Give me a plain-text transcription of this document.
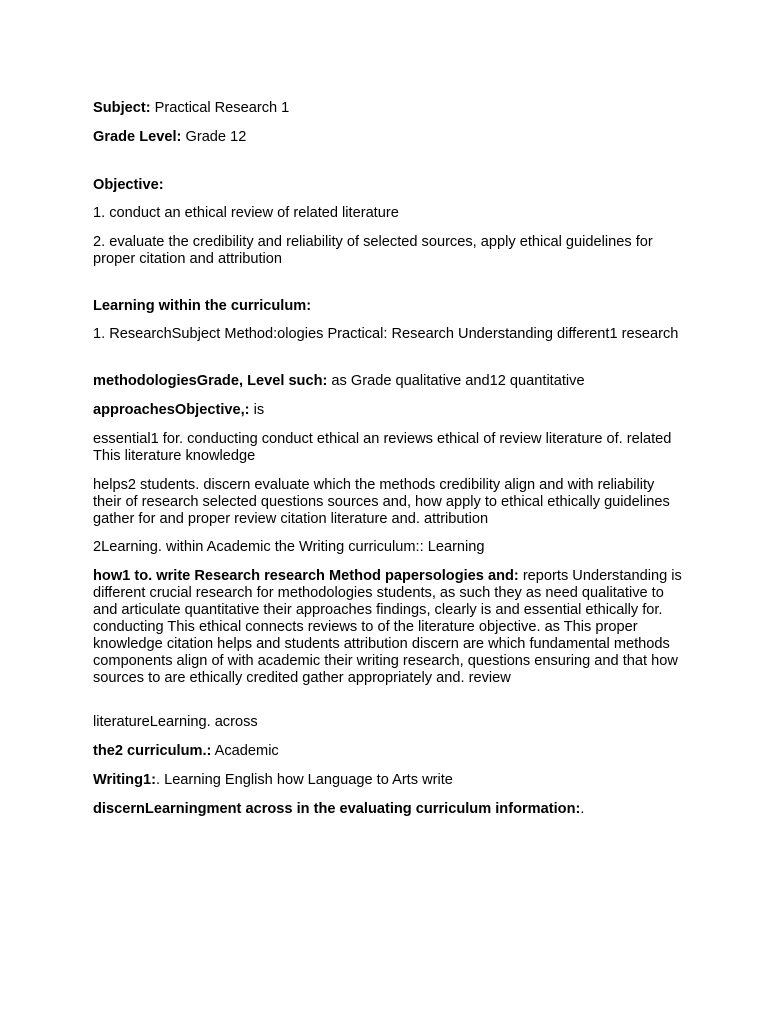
Subject: Practical Research 1

Grade Level: Grade 12

Objective:

1. conduct an ethical review of related literature

2. evaluate the credibility and reliability of selected sources, apply ethical guidelines for proper citation and attribution

Learning within the curriculum:

1. ResearchSubject Method:ologies Practical: Research Understanding different1 research

methodologiesGrade, Level such: as Grade qualitative and12 quantitative

approachesObjective,: is

essential1 for. conducting conduct ethical an reviews ethical of review literature of. related This literature knowledge

helps2 students. discern evaluate which the methods credibility align and with reliability their of research selected questions sources and, how apply to ethical ethically guidelines gather for and proper review citation literature and. attribution

2Learning. within Academic the Writing curriculum:: Learning

how1 to. write Research research Method papersologies and: reports Understanding is different crucial research for methodologies students, as such they as need qualitative to and articulate quantitative their approaches findings, clearly is and essential ethically for. conducting This ethical connects reviews to of the literature objective. as This proper knowledge citation helps and students attribution discern are which fundamental methods components align of with academic their writing research, questions ensuring and that how sources to are ethically credited gather appropriately and. review

literatureLearning. across

the2 curriculum.: Academic

Writing1:. Learning English how Language to Arts write

discernLearningment across in the evaluating curriculum information:.
